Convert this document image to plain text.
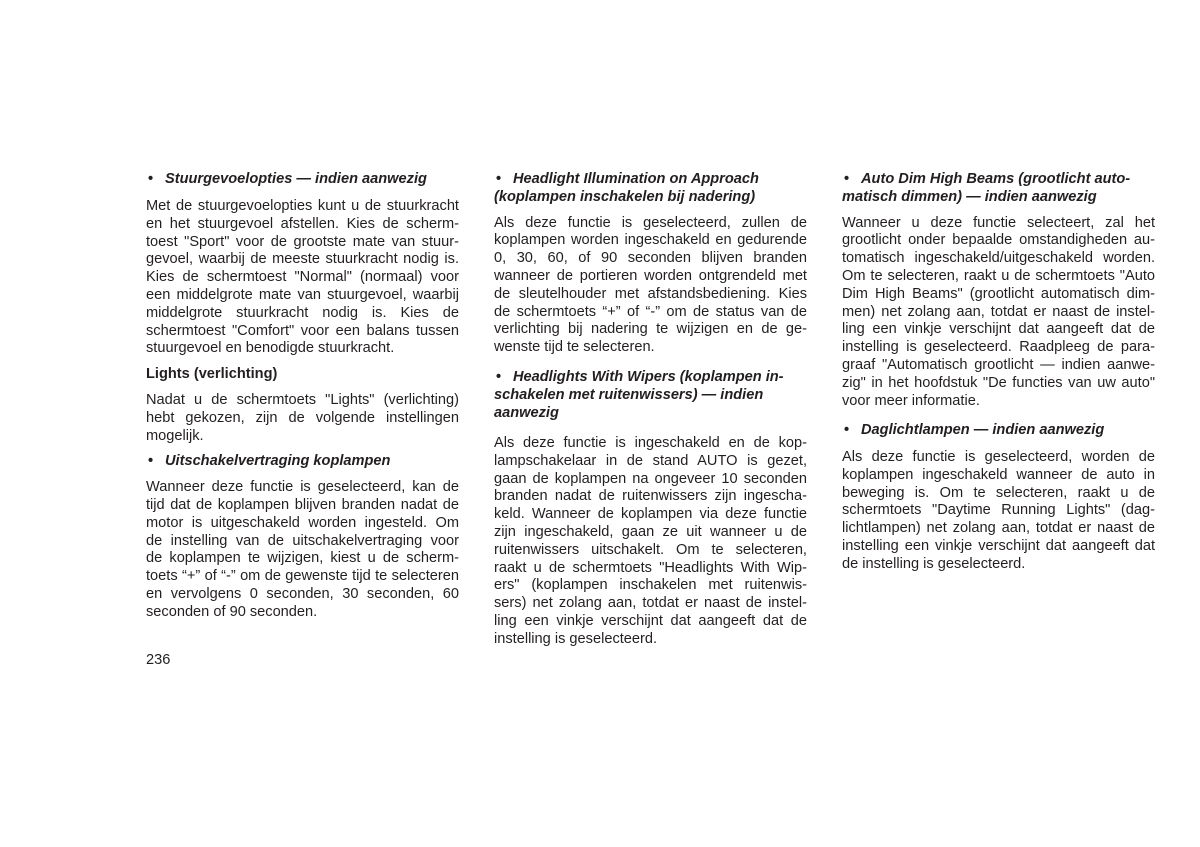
• Stuurgevoelopties — indien aanwezig
Met de stuurgevoelopties kunt u de stuurkracht
en het stuurgevoel afstellen. Kies de scherm-
toest "Sport" voor de grootste mate van stuur-
gevoel, waarbij de meeste stuurkracht nodig is.
Kies de schermtoest "Normal" (normaal) voor
een middelgrote mate van stuurgevoel, waarbij
middelgrote stuurkracht nodig is. Kies de
schermtoest "Comfort" voor een balans tussen
stuurgevoel en benodigde stuurkracht.
Lights (verlichting)
Nadat u de schermtoets "Lights" (verlichting)
hebt gekozen, zijn de volgende instellingen
mogelijk.
• Uitschakelvertraging koplampen
Wanneer deze functie is geselecteerd, kan de
tijd dat de koplampen blijven branden nadat de
motor is uitgeschakeld worden ingesteld. Om
de instelling van de uitschakelvertraging voor
de koplampen te wijzigen, kiest u de scherm-
toets “+” of “-” om de gewenste tijd te selecteren
en vervolgens 0 seconden, 30 seconden, 60
seconden of 90 seconden.
• Headlight Illumination on Approach
(koplampen inschakelen bij nadering)
Als deze functie is geselecteerd, zullen de
koplampen worden ingeschakeld en gedurende
0, 30, 60, of 90 seconden blijven branden
wanneer de portieren worden ontgrendeld met
de sleutelhouder met afstandsbediening. Kies
de schermtoets “+” of “-” om de status van de
verlichting bij nadering te wijzigen en de ge-
wenste tijd te selecteren.
• Headlights With Wipers (koplampen in-
schakelen met ruitenwissers) — indien
aanwezig
Als deze functie is ingeschakeld en de kop-
lampschakelaar in de stand AUTO is gezet,
gaan de koplampen na ongeveer 10 seconden
branden nadat de ruitenwissers zijn ingescha-
keld. Wanneer de koplampen via deze functie
zijn ingeschakeld, gaan ze uit wanneer u de
ruitenwissers uitschakelt. Om te selecteren,
raakt u de schermtoets "Headlights With Wip-
ers" (koplampen inschakelen met ruitenwis-
sers) net zolang aan, totdat er naast de instel-
ling een vinkje verschijnt dat aangeeft dat de
instelling is geselecteerd.
• Auto Dim High Beams (grootlicht auto-
matisch dimmen) — indien aanwezig
Wanneer u deze functie selecteert, zal het
grootlicht onder bepaalde omstandigheden au-
tomatisch ingeschakeld/uitgeschakeld worden.
Om te selecteren, raakt u de schermtoets "Auto
Dim High Beams" (grootlicht automatisch dim-
men) net zolang aan, totdat er naast de instel-
ling een vinkje verschijnt dat aangeeft dat de
instelling is geselecteerd. Raadpleeg de para-
graaf "Automatisch grootlicht — indien aanwe-
zig" in het hoofdstuk "De functies van uw auto"
voor meer informatie.
• Daglichtlampen — indien aanwezig
Als deze functie is geselecteerd, worden de
koplampen ingeschakeld wanneer de auto in
beweging is. Om te selecteren, raakt u de
schermtoets "Daytime Running Lights" (dag-
lichtlampen) net zolang aan, totdat er naast de
instelling een vinkje verschijnt dat aangeeft dat
de instelling is geselecteerd.
236
